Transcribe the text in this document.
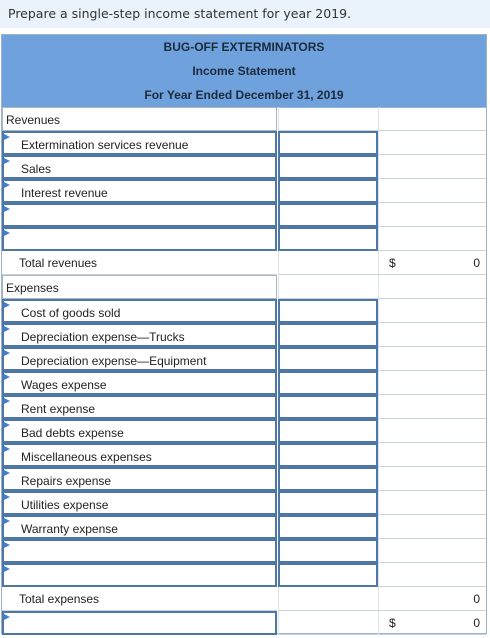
Prepare a single-step income statement for year 2019.
BUG-OFF EXTERMINATORS
Income Statement
For Year Ended December 31, 2019
Revenues
Extermination services revenue
Sales
Interest revenue
Total revenues	$	0
Expenses
Cost of goods sold
Depreciation expense—Trucks
Depreciation expense—Equipment
Wages expense
Rent expense
Bad debts expense
Miscellaneous expenses
Repairs expense
Utilities expense
Warranty expense
Total expenses	0
$	0
